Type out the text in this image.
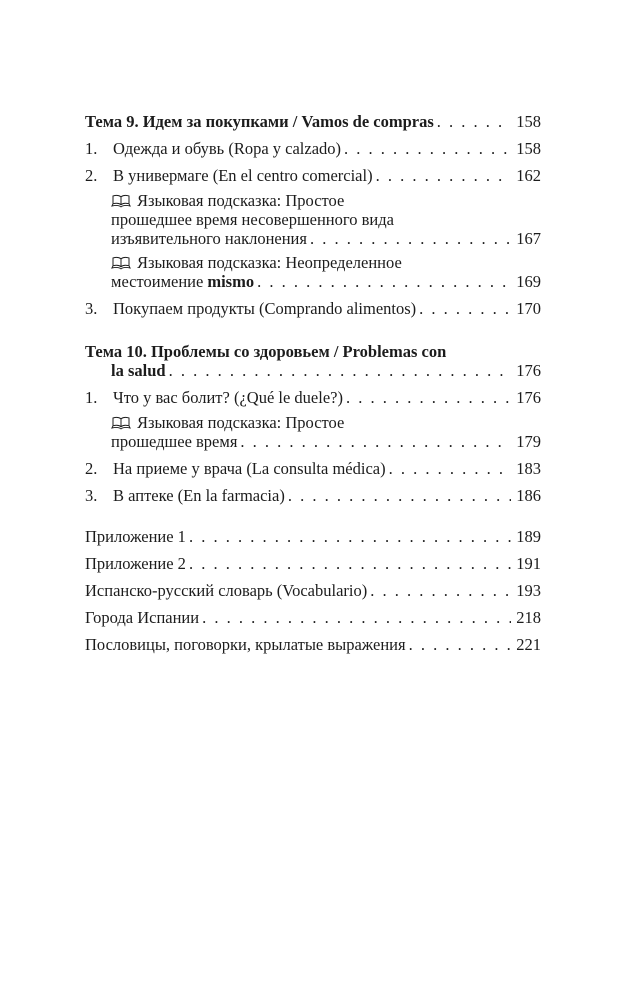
Тема 9. Идем за покупками / Vamos de compras . . .	158
1. Одежда и обувь (Ropa y calzado) . . .	158
2. В универмаге (En el centro comercial) . . .	162
Языковая подсказка: Простое
прошедшее время несовершенного вида
изъявительного наклонения . . .	167
Языковая подсказка: Неопределенное
местоимение mismo . . .	169
3. Покупаем продукты (Comprando alimentos) . . .	170
Тема 10. Проблемы со здоровьем / Problemas con
la salud . . .	176
1. Что у вас болит? (¿Qué le duele?) . . .	176
Языковая подсказка: Простое
прошедшее время . . .	179
2. На приеме у врача (La consulta médica) . . .	183
3. В аптеке (En la farmacia) . . .	186
Приложение 1 . . .	189
Приложение 2 . . .	191
Испанско-русский словарь (Vocabulario) . . .	193
Города Испании . . .	218
Пословицы, поговорки, крылатые выражения . . .	221
